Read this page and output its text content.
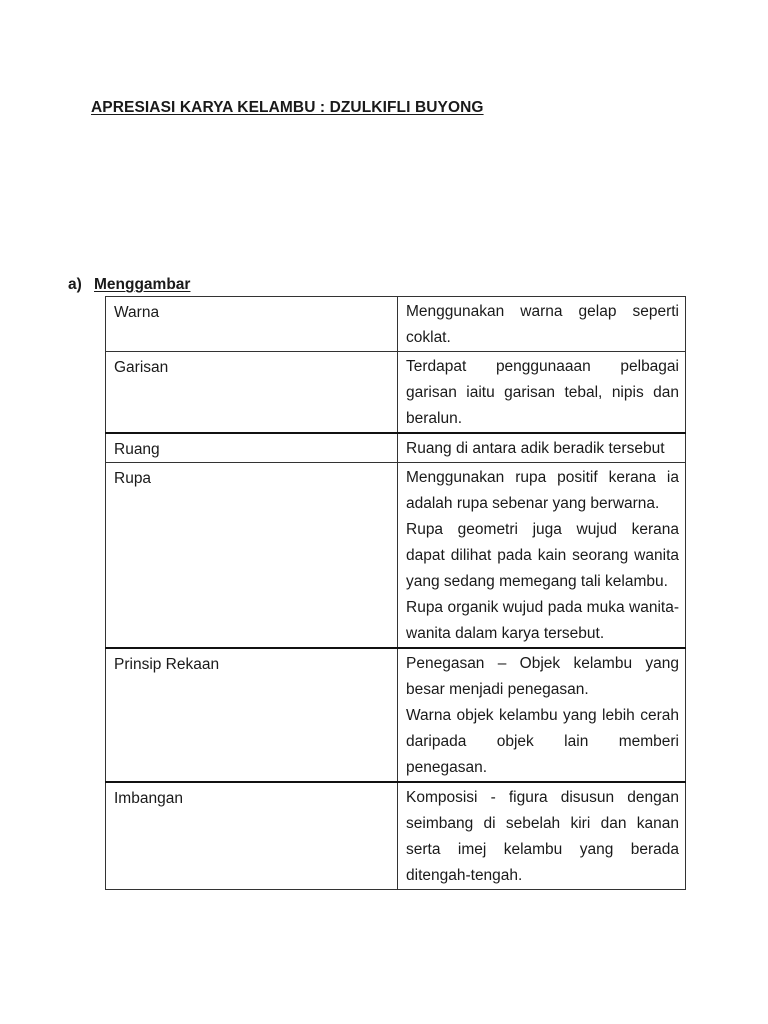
APRESIASI KARYA KELAMBU : DZULKIFLI BUYONG
a) Menggambar
Warna	Menggunakan warna gelap seperti coklat.

Garisan	Terdapat penggunaaan pelbagai garisan iaitu garisan tebal, nipis dan beralun.

Ruang	Ruang di antara adik beradik tersebut

Rupa	Menggunakan rupa positif kerana ia adalah rupa sebenar yang berwarna.

Rupa geometri juga wujud kerana dapat dilihat pada kain seorang wanita yang sedang memegang tali kelambu.

Rupa organik wujud pada muka wanita-wanita dalam karya tersebut.

Prinsip Rekaan	Penegasan – Objek kelambu yang besar menjadi penegasan.

Warna objek kelambu yang lebih cerah daripada objek lain memberi penegasan.

Imbangan	Komposisi - figura disusun dengan seimbang di sebelah kiri dan kanan serta imej kelambu yang berada ditengah-tengah.
